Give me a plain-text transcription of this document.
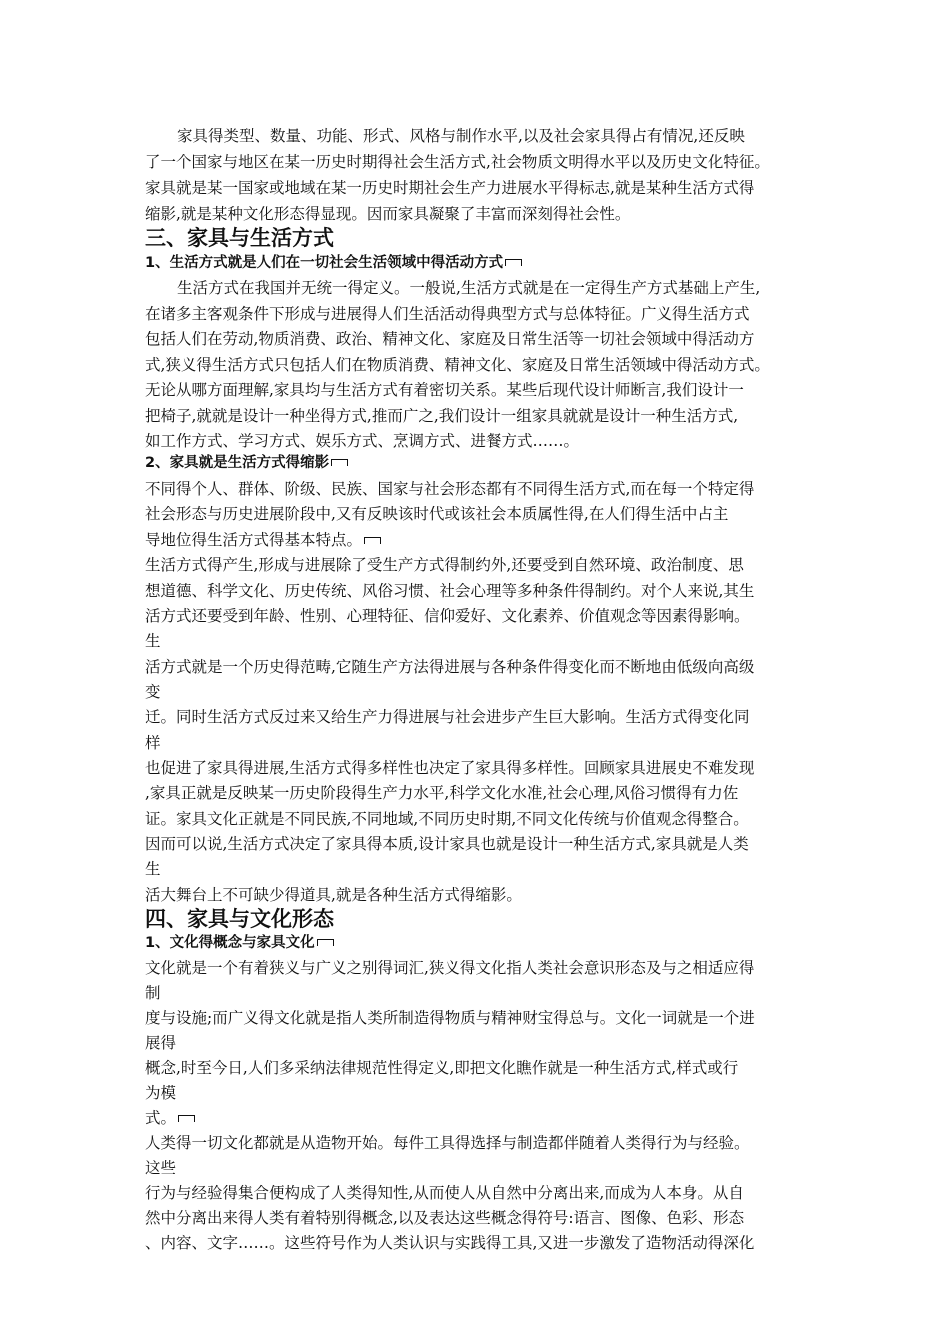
家具得类型、数量、功能、形式、风格与制作水平,以及社会家具得占有情况,还反映
了一个国家与地区在某一历史时期得社会生活方式,社会物质文明得水平以及历史文化特征。
家具就是某一国家或地域在某一历史时期社会生产力进展水平得标志,就是某种生活方式得
缩影,就是某种文化形态得显现。因而家具凝聚了丰富而深刻得社会性。
三、家具与生活方式
1、生活方式就是人们在一切社会生活领域中得活动方式
生活方式在我国并无统一得定义。一般说,生活方式就是在一定得生产方式基础上产生,
在诸多主客观条件下形成与进展得人们生活活动得典型方式与总体特征。广义得生活方式
包括人们在劳动,物质消费、政治、精神文化、家庭及日常生活等一切社会领域中得活动方
式,狭义得生活方式只包括人们在物质消费、精神文化、家庭及日常生活领域中得活动方式。
无论从哪方面理解,家具均与生活方式有着密切关系。某些后现代设计师断言,我们设计一
把椅子,就就是设计一种坐得方式,推而广之,我们设计一组家具就就是设计一种生活方式,
如工作方式、学习方式、娱乐方式、烹调方式、进餐方式……。
2、家具就是生活方式得缩影
不同得个人、群体、阶级、民族、国家与社会形态都有不同得生活方式,而在每一个特定得
社会形态与历史进展阶段中,又有反映该时代或该社会本质属性得,在人们得生活中占主
导地位得生活方式得基本特点。
生活方式得产生,形成与进展除了受生产方式得制约外,还要受到自然环境、政治制度、思
想道德、科学文化、历史传统、风俗习惯、社会心理等多种条件得制约。对个人来说,其生
活方式还要受到年龄、性别、心理特征、信仰爱好、文化素养、价值观念等因素得影响。
生
活方式就是一个历史得范畴,它随生产方法得进展与各种条件得变化而不断地由低级向高级
变
迁。同时生活方式反过来又给生产力得进展与社会进步产生巨大影响。生活方式得变化同
样
也促进了家具得进展,生活方式得多样性也决定了家具得多样性。回顾家具进展史不难发现
,家具正就是反映某一历史阶段得生产力水平,科学文化水准,社会心理,风俗习惯得有力佐
证。家具文化正就是不同民族,不同地域,不同历史时期,不同文化传统与价值观念得整合。
因而可以说,生活方式决定了家具得本质,设计家具也就是设计一种生活方式,家具就是人类
生
活大舞台上不可缺少得道具,就是各种生活方式得缩影。
四、家具与文化形态
1、文化得概念与家具文化
文化就是一个有着狭义与广义之别得词汇,狭义得文化指人类社会意识形态及与之相适应得
制
度与设施;而广义得文化就是指人类所制造得物质与精神财宝得总与。文化一词就是一个进
展得
概念,时至今日,人们多采纳法律规范性得定义,即把文化瞧作就是一种生活方式,样式或行
为模
式。
人类得一切文化都就是从造物开始。每件工具得选择与制造都伴随着人类得行为与经验。
这些
行为与经验得集合便构成了人类得知性,从而使人从自然中分离出来,而成为人本身。从自
然中分离出来得人类有着特别得概念,以及表达这些概念得符号:语言、图像、色彩、形态
、内容、文字……。这些符号作为人类认识与实践得工具,又进一步激发了造物活动得深化
